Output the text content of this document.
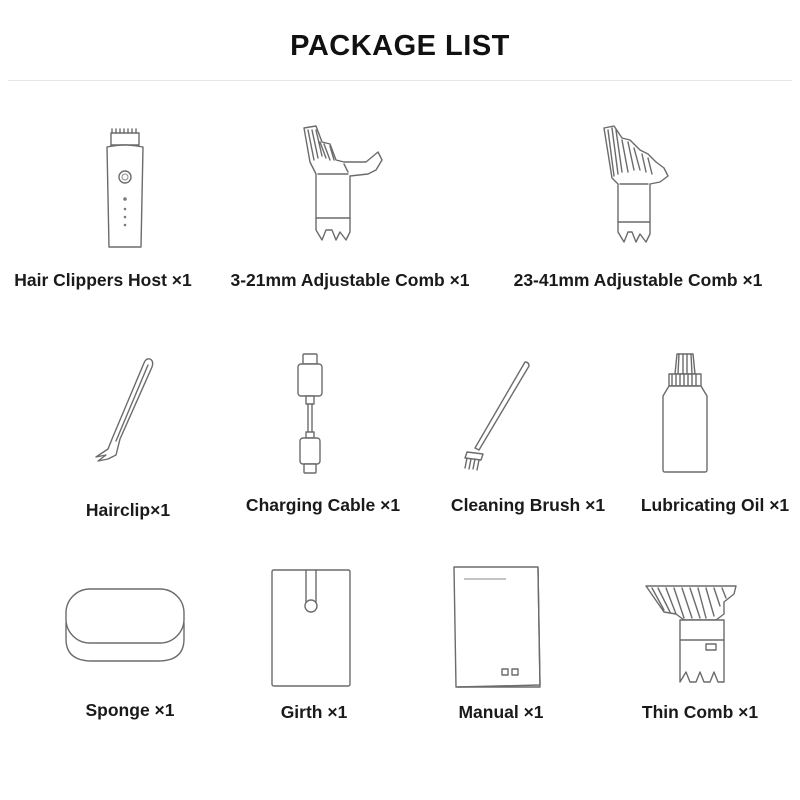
PACKAGE LIST
Hair Clippers Host ×1 3-21mm Adjustable Comb ×1	23-41mm Adjustable Comb ×1
Hairclip×1	Charging Cable ×1	Cleaning Brush ×1 Lubricating Oil ×1
Sponge ×1	Girth ×1	Manual ×1	Thin Comb ×1
